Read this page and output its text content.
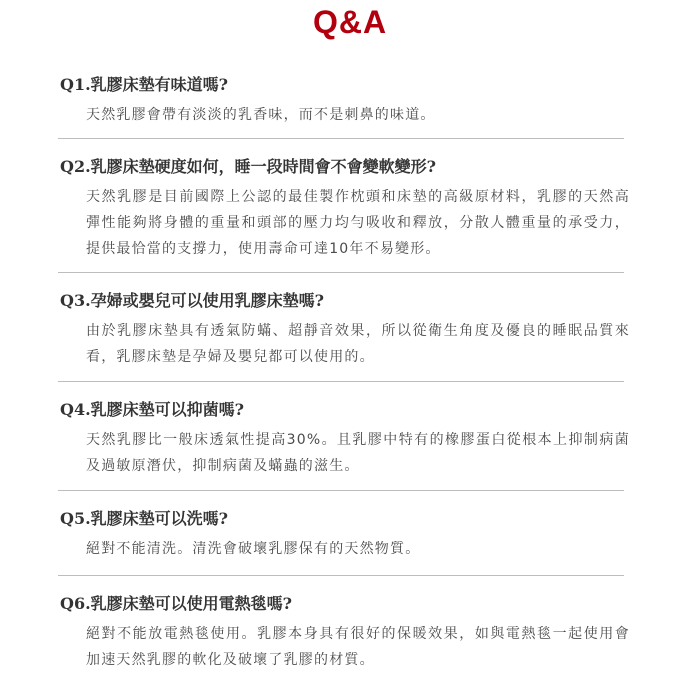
Q&A

Q1.乳膠床墊有味道嗎?

天然乳膠會帶有淡淡的乳香味，而不是刺鼻的味道。

Q2.乳膠床墊硬度如何，睡一段時間會不會變軟變形?

天然乳膠是目前國際上公認的最佳製作枕頭和床墊的高級原材料，乳膠的天然高彈性能夠將身體的重量和頭部的壓力均勻吸收和釋放，分散人體重量的承受力，提供最恰當的支撐力，使用壽命可達10年不易變形。

Q3.孕婦或嬰兒可以使用乳膠床墊嗎?

由於乳膠床墊具有透氣防蟎、超靜音效果，所以從衛生角度及優良的睡眠品質來看，乳膠床墊是孕婦及嬰兒都可以使用的。

Q4.乳膠床墊可以抑菌嗎?

天然乳膠比一般床透氣性提高30%。且乳膠中特有的橡膠蛋白從根本上抑制病菌及過敏原潛伏，抑制病菌及蟎蟲的滋生。

Q5.乳膠床墊可以洗嗎?

絕對不能清洗。清洗會破壞乳膠保有的天然物質。

Q6.乳膠床墊可以使用電熱毯嗎?

絕對不能放電熱毯使用。乳膠本身具有很好的保暖效果，如與電熱毯一起使用會加速天然乳膠的軟化及破壞了乳膠的材質。
